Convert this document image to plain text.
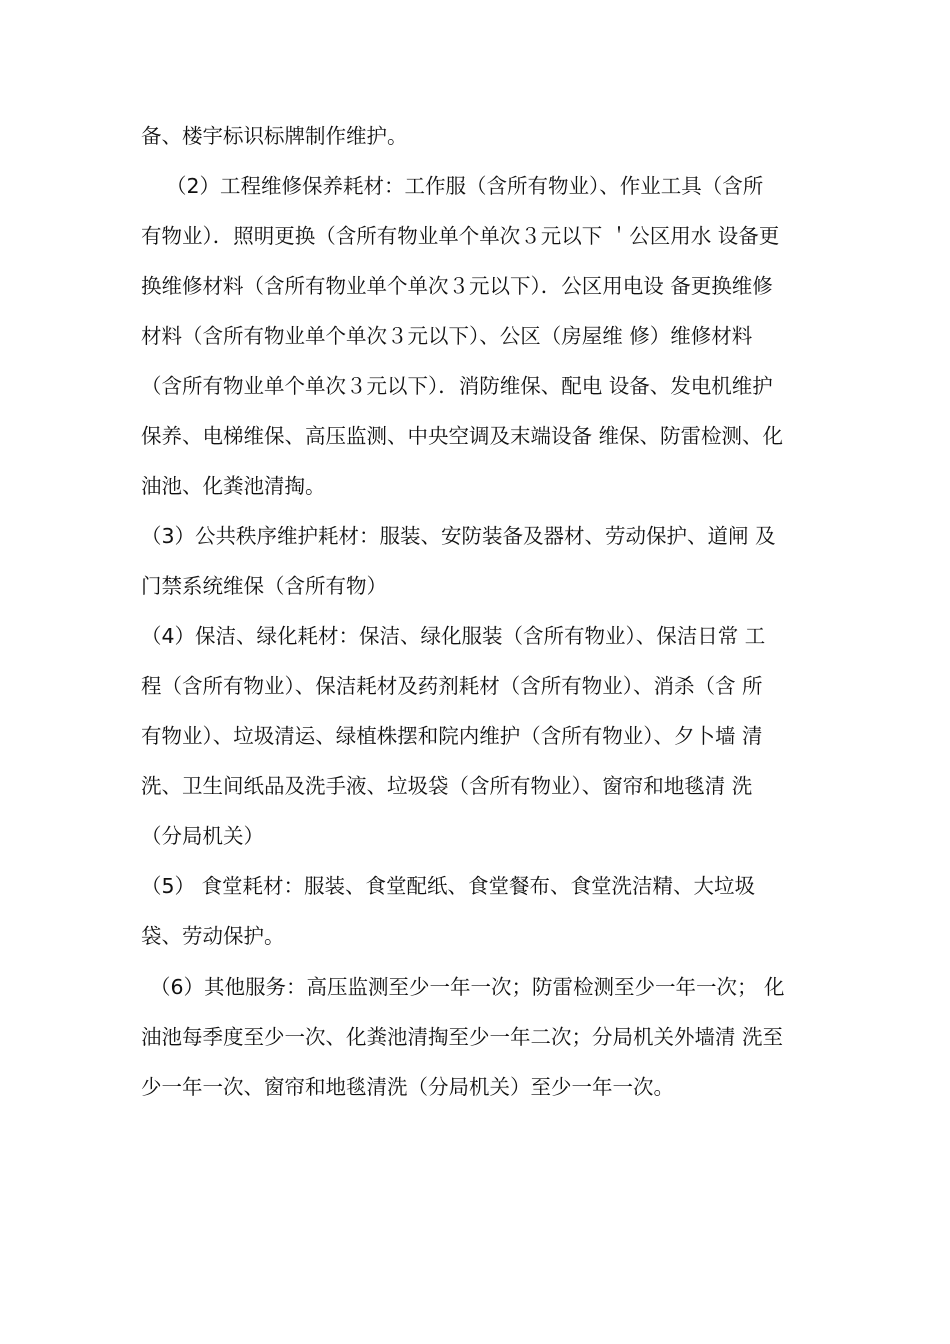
备、楼宇标识标牌制作维护。
（2）工程维修保养耗材：工作服（含所有物业）、作业工具（含所
有物业）．照明更换（含所有物业单个单次３元以下 ＇公区用水 设备更
换维修材料（含所有物业单个单次３元以下）．公区用电设 备更换维修
材料（含所有物业单个单次３元以下）、公区（房屋维 修）维修材料
（含所有物业单个单次３元以下）．消防维保、配电 设备、发电机维护
保养、电梯维保、高压监测、中央空调及末端设备 维保、防雷检测、化
油池、化粪池清掏。
（3）公共秩序维护耗材：服装、安防装备及器材、劳动保护、道闸 及
门禁系统维保（含所有物）
（4）保洁、绿化耗材：保洁、绿化服装（含所有物业）、保洁日常 工
程（含所有物业）、保洁耗材及药剂耗材（含所有物业）、消杀（含 所
有物业）、垃圾清运、绿植株摆和院内维护（含所有物业）、夕卜墙 清
洗、卫生间纸品及洗手液、垃圾袋（含所有物业）、窗帘和地毯清 洗
（分局机关）
（5） 食堂耗材：服装、食堂配纸、食堂餐布、食堂洗洁精、大垃圾
袋、劳动保护。
（6）其他服务：高压监测至少一年一次；防雷检测至少一年一次； 化
油池每季度至少一次、化粪池清掏至少一年二次；分局机关外墙清 洗至
少一年一次、窗帘和地毯清洗（分局机关）至少一年一次。
